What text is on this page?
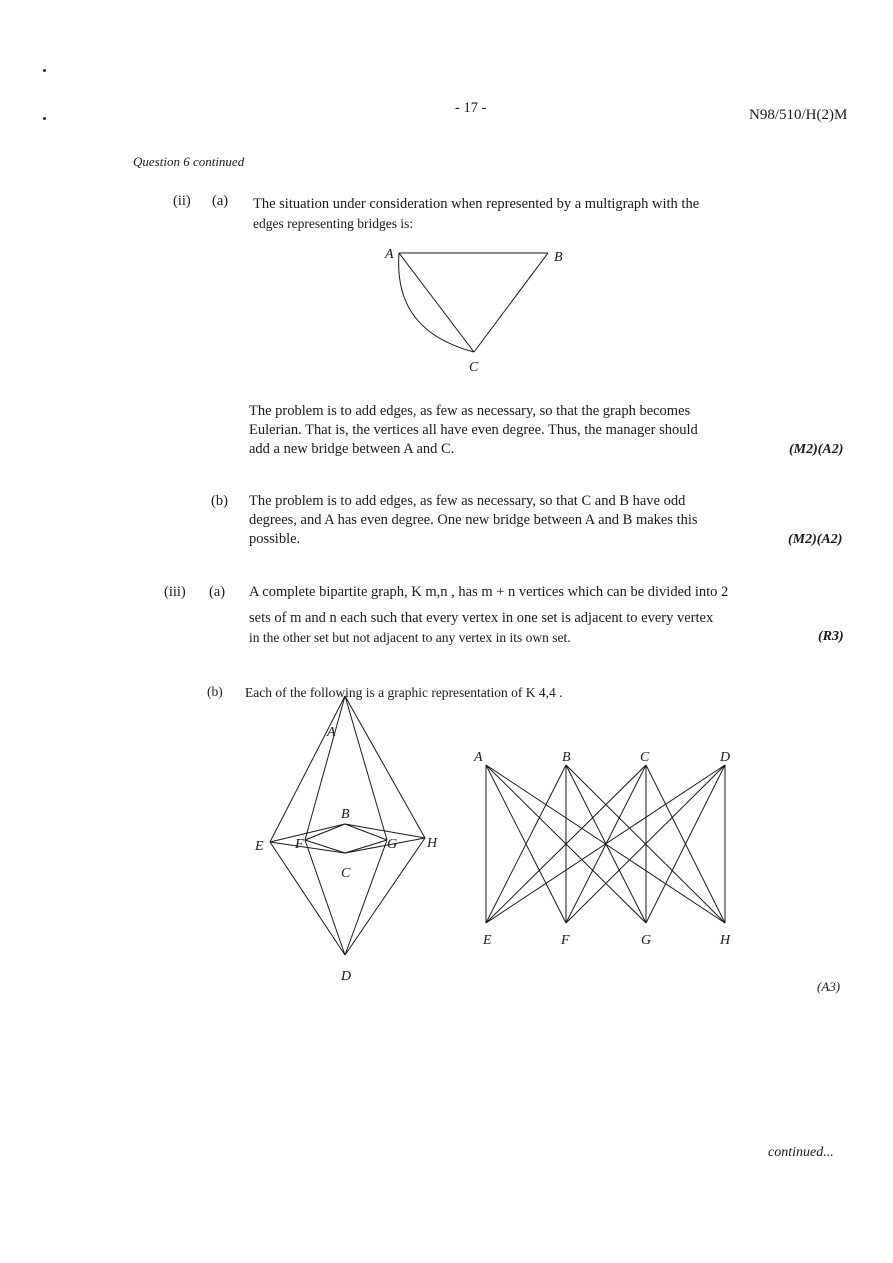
- 17 -	N98/510/H(2)M
Question 6 continued
(ii) (a) The situation under consideration when represented by a multigraph with the
edges representing bridges is:
A	B
C
The problem is to add edges, as few as necessary, so that the graph becomes
Eulerian. That is, the vertices all have even degree. Thus, the manager should
add a new bridge between A and C.	(M2)(A2)
(b) The problem is to add edges, as few as necessary, so that C and B have odd
degrees, and A has even degree. One new bridge between A and B makes this
possible.	(M2)(A2)
(iii) (a) A complete bipartite graph, K m,n , has m + n vertices which can be divided into 2
sets of m and n each such that every vertex in one set is adjacent to every vertex
in the other set but not adjacent to any vertex in its own set.	(R3)
(b) Each of the following is a graphic representation of K 4,4 .
A
B
C
D
E F	G H
A	B	C	D
E	F	G	H
(A3)
continued...
